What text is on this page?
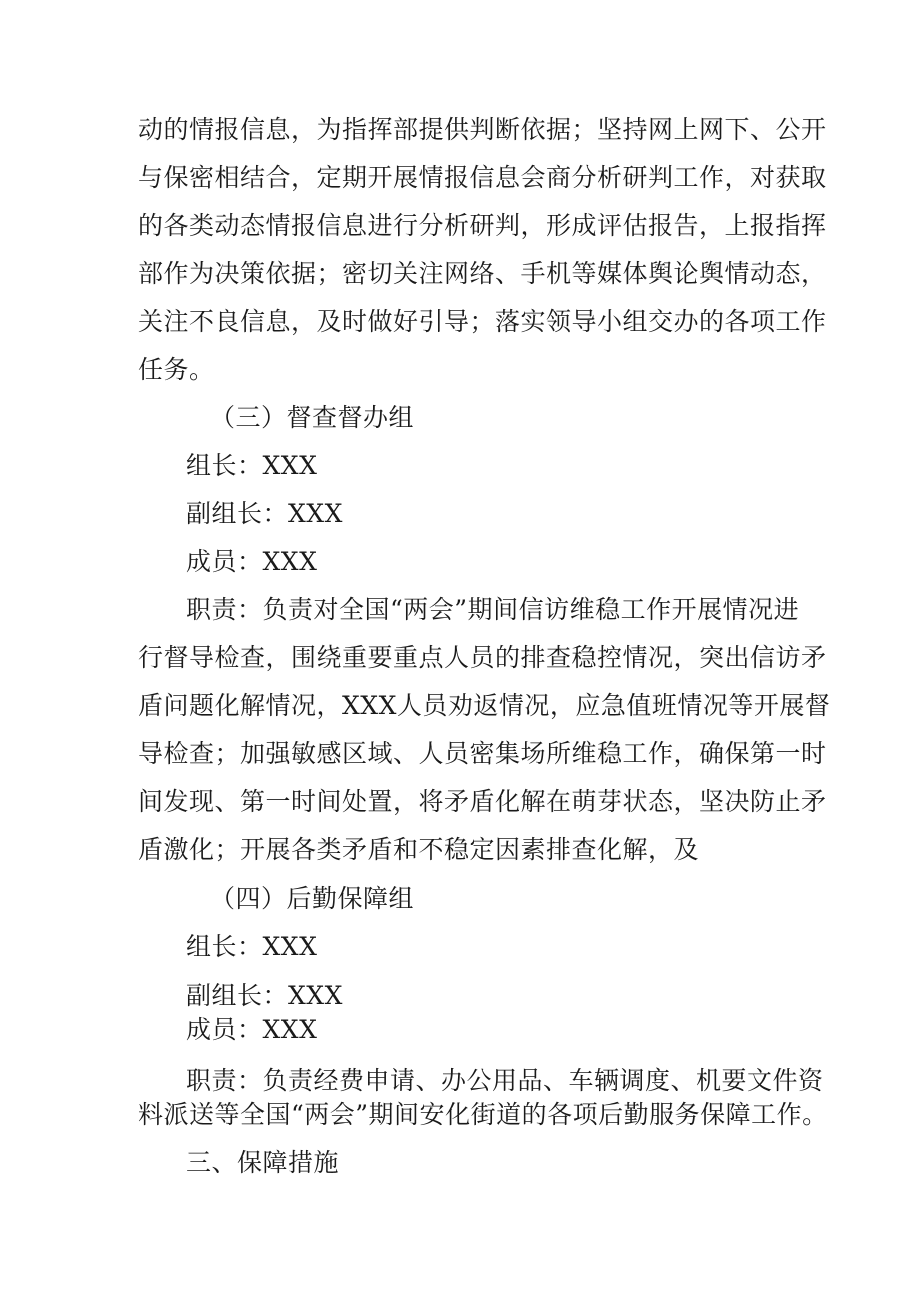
动的情报信息，为指挥部提供判断依据；坚持网上网下、公开
与保密相结合，定期开展情报信息会商分析研判工作，对获取
的各类动态情报信息进行分析研判，形成评估报告，上报指挥
部作为决策依据；密切关注网络、手机等媒体舆论舆情动态，
关注不良信息，及时做好引导；落实领导小组交办的各项工作
任务。
（三）督查督办组
组长：XXX
副组长：XXX
成员：XXX
职责：负责对全国“两会”期间信访维稳工作开展情况进
行督导检查，围绕重要重点人员的排查稳控情况，突出信访矛
盾问题化解情况，XXX人员劝返情况，应急值班情况等开展督
导检查；加强敏感区域、人员密集场所维稳工作，确保第一时
间发现、第一时间处置，将矛盾化解在萌芽状态，坚决防止矛
盾激化；开展各类矛盾和不稳定因素排查化解，及
（四）后勤保障组
组长：XXX
副组长：XXX
成员：XXX
职责：负责经费申请、办公用品、车辆调度、机要文件资
料派送等全国“两会”期间安化街道的各项后勤服务保障工作。
三、保障措施
